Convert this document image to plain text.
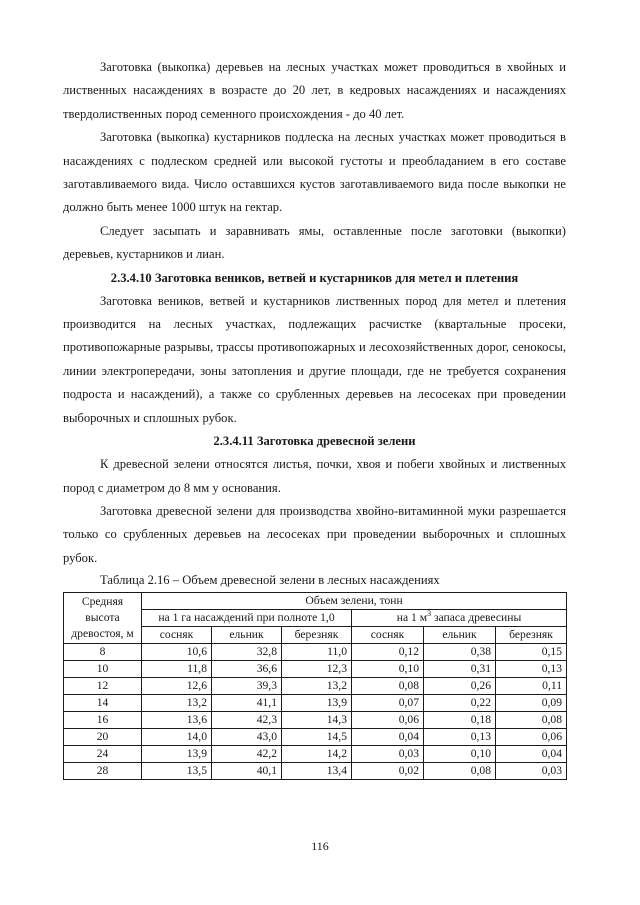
Заготовка (выкопка) деревьев на лесных участках может проводиться в хвойных и лиственных насаждениях в возрасте до 20 лет, в кедровых насаждениях и насаждениях твердолиственных пород семенного происхождения - до 40 лет.

Заготовка (выкопка) кустарников подлеска на лесных участках может проводиться в насаждениях с подлеском средней или высокой густоты и преобладанием в его составе заготавливаемого вида. Число оставшихся кустов заготавливаемого вида после выкопки не должно быть менее 1000 штук на гектар.

Следует засыпать и заравнивать ямы, оставленные после заготовки (выкопки) деревьев, кустарников и лиан.

2.3.4.10 Заготовка веников, ветвей и кустарников для метел и плетения

Заготовка веников, ветвей и кустарников лиственных пород для метел и плетения производится на лесных участках, подлежащих расчистке (квартальные просеки, противопожарные разрывы, трассы противопожарных и лесохозяйственных дорог, сенокосы, линии электропередачи, зоны затопления и другие площади, где не требуется сохранения подроста и насаждений), а также со срубленных деревьев на лесосеках при проведении выборочных и сплошных рубок.

2.3.4.11 Заготовка древесной зелени

К древесной зелени относятся листья, почки, хвоя и побеги хвойных и лиственных пород с диаметром до 8 мм у основания.

Заготовка древесной зелени для производства хвойно-витаминной муки разрешается только со срубленных деревьев на лесосеках при проведении выборочных и сплошных рубок.

Таблица 2.16 – Объем древесной зелени в лесных насаждениях
Средняя высота древостоя, м	Объем зелени, тонн					
	на 1 га насаждений при полноте 1,0			на 1 $м^3$ запаса древесины		
	сосняк	ельник	березняк	сосняк	ельник	березняк
8	10,6	32,8	11,0	0,12	0,38	0,15
10	11,8	36,6	12,3	0,10	0,31	0,13
12	12,6	39,3	13,2	0,08	0,26	0,11
14	13,2	41,1	13,9	0,07	0,22	0,09
16	13,6	42,3	14,3	0,06	0,18	0,08
20	14,0	43,0	14,5	0,04	0,13	0,06
24	13,9	42,2	14,2	0,03	0,10	0,04
28	13,5	40,1	13,4	0,02	0,08	0,03
116
